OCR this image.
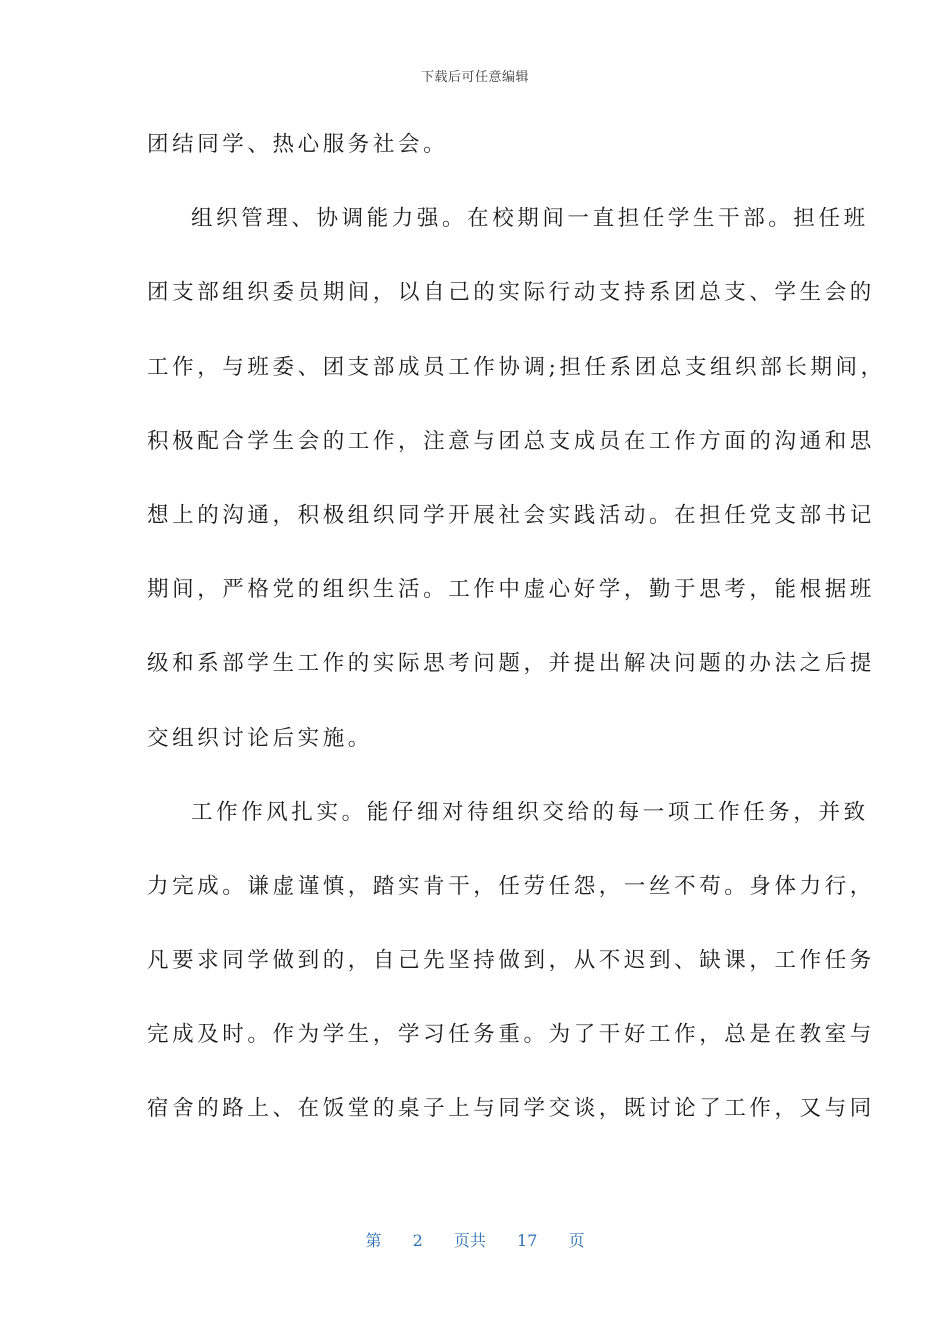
下载后可任意编辑
团结同学、热心服务社会。
组织管理、协调能力强。在校期间一直担任学生干部。担任班
团支部组织委员期间，以自己的实际行动支持系团总支、学生会的
工作，与班委、团支部成员工作协调;担任系团总支组织部长期间，
积极配合学生会的工作，注意与团总支成员在工作方面的沟通和思
想上的沟通，积极组织同学开展社会实践活动。在担任党支部书记
期间，严格党的组织生活。工作中虚心好学，勤于思考，能根据班
级和系部学生工作的实际思考问题，并提出解决问题的办法之后提
交组织讨论后实施。
工作作风扎实。能仔细对待组织交给的每一项工作任务，并致
力完成。谦虚谨慎，踏实肯干，任劳任怨，一丝不苟。身体力行，
凡要求同学做到的，自己先坚持做到，从不迟到、缺课，工作任务
完成及时。作为学生，学习任务重。为了干好工作，总是在教室与
宿舍的路上、在饭堂的桌子上与同学交谈，既讨论了工作，又与同
第 2 页共 17 页
